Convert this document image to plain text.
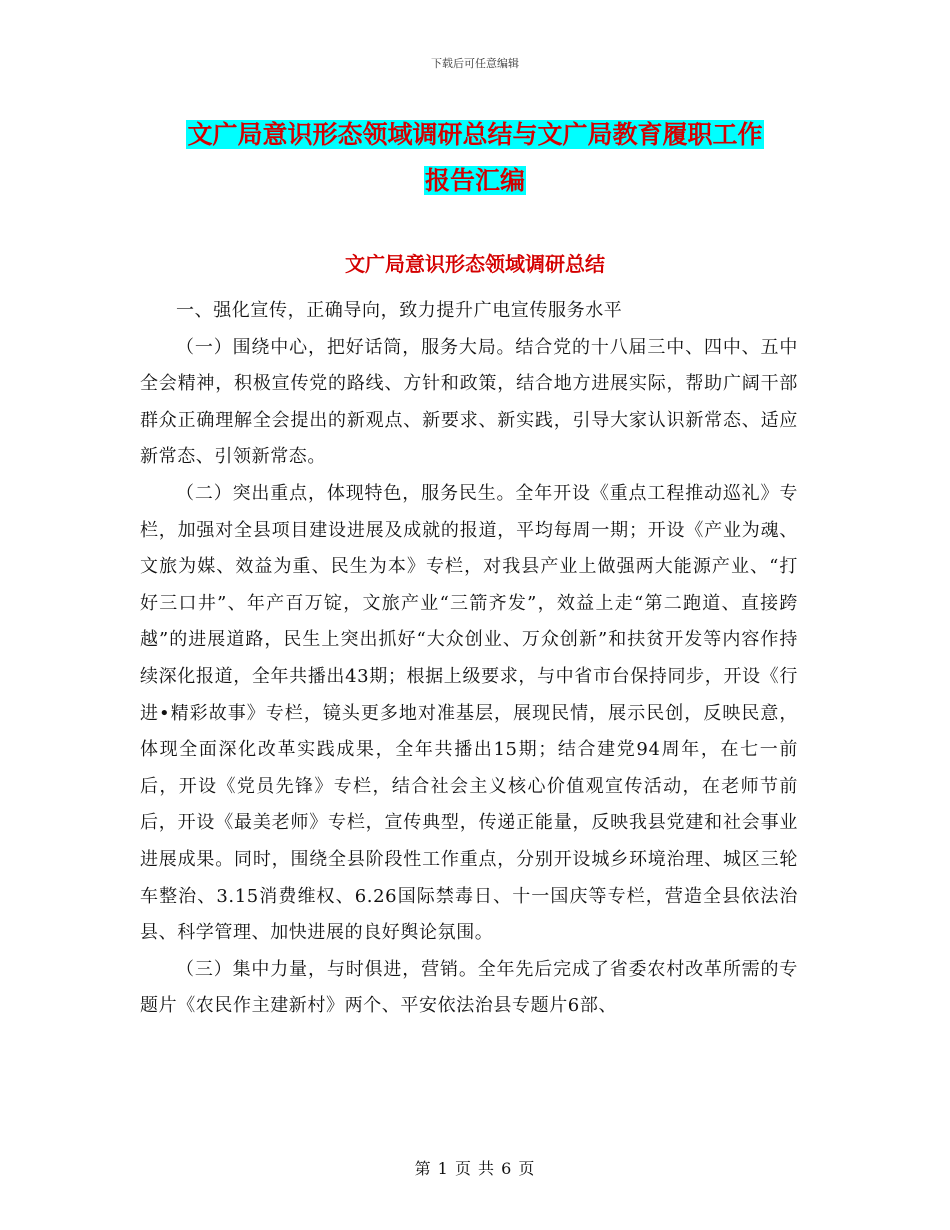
下载后可任意编辑
文广局意识形态领域调研总结与文广局教育履职工作
报告汇编
文广局意识形态领域调研总结

一、强化宣传，正确导向，致力提升广电宣传服务水平

（一）围绕中心，把好话筒，服务大局。结合党的十八届三中、四中、五中全会精神，积极宣传党的路线、方针和政策，结合地方进展实际，帮助广阔干部群众正确理解全会提出的新观点、新要求、新实践，引导大家认识新常态、适应新常态、引领新常态。

（二）突出重点，体现特色，服务民生。全年开设《重点工程推动巡礼》专栏，加强对全县项目建设进展及成就的报道，平均每周一期；开设《产业为魂、文旅为媒、效益为重、民生为本》专栏，对我县产业上做强两大能源产业、“打好三口井”、年产百万锭，文旅产业“三箭齐发”，效益上走“第二跑道、直接跨越”的进展道路，民生上突出抓好“大众创业、万众创新”和扶贫开发等内容作持续深化报道，全年共播出43期；根据上级要求，与中省市台保持同步，开设《行进•精彩故事》专栏，镜头更多地对准基层，展现民情，展示民创，反映民意，体现全面深化改革实践成果，全年共播出15期；结合建党94周年，在七一前后，开设《党员先锋》专栏，结合社会主义核心价值观宣传活动，在老师节前后，开设《最美老师》专栏，宣传典型，传递正能量，反映我县党建和社会事业进展成果。同时，围绕全县阶段性工作重点，分别开设城乡环境治理、城区三轮车整治、3.15消费维权、6.26国际禁毒日、十一国庆等专栏，营造全县依法治县、科学管理、加快进展的良好舆论氛围。

（三）集中力量，与时俱进，营销。全年先后完成了省委农村改革所需的专题片《农民作主建新村》两个、平安依法治县专题片6部、

第 1 页 共 6 页
